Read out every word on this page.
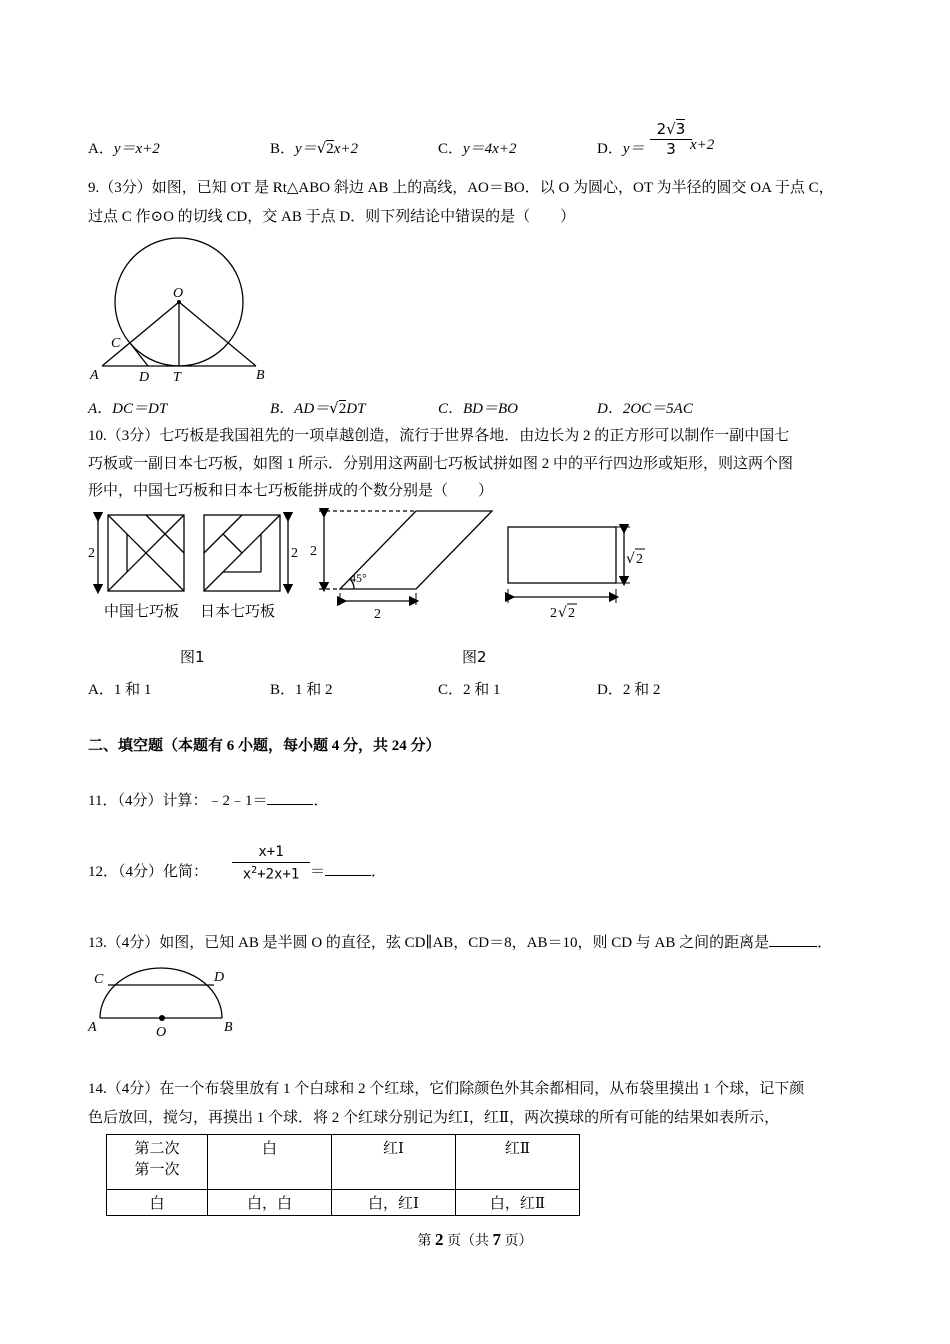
A．y＝x+2	B．y＝√2x+2	C．y＝4x+2	D．y＝
2√3
3 x+2
9.（3分）如图，已知 OT 是 Rt△ABO 斜边 AB 上的高线，AO＝BO．以 O 为圆心，OT 为半径的圆交 OA 于点 C，
过点 C 作⊙O 的切线 CD，交 AB 于点 D．则下列结论中错误的是（　　）
O
C
A	D T	B
A．DC＝DT	B．AD＝√2DT	C．BD＝BO	D．2OC＝5AC
10.（3分）七巧板是我国祖先的一项卓越创造，流行于世界各地．由边长为 2 的正方形可以制作一副中国七
巧板或一副日本七巧板，如图 1 所示．分别用这两副七巧板试拼如图 2 中的平行四边形或矩形，则这两个图
形中，中国七巧板和日本七巧板能拼成的个数分别是（　　）
2
中国七巧板
2
日本七巧板
图1
2
45°
2
√ 2
2 √ 2
图2
A．1 和 1	B．1 和 2	C．2 和 1	D．2 和 2
二、填空题（本题有 6 小题，每小题 4 分，共 24 分）
11．（4分）计算：﹣2﹣1＝	．
12．（4分）化简：
x+1
$x^2+2x+1$ ＝	．
13.（4分）如图，已知 AB 是半圆 O 的直径，弦 CD∥AB，CD＝8，AB＝10，则 CD 与 AB 之间的距离是	．
C	D
A	O	B
14.（4分）在一个布袋里放有 1 个白球和 2 个红球，它们除颜色外其余都相同，从布袋里摸出 1 个球，记下颜
色后放回，搅匀，再摸出 1 个球．将 2 个红球分别记为红Ⅰ，红Ⅱ，两次摸球的所有可能的结果如表所示，
第二次
第一次	白	红Ⅰ	红Ⅱ
白	白，白	白，红Ⅰ	白，红Ⅱ
第 2 页（共 7 页）
